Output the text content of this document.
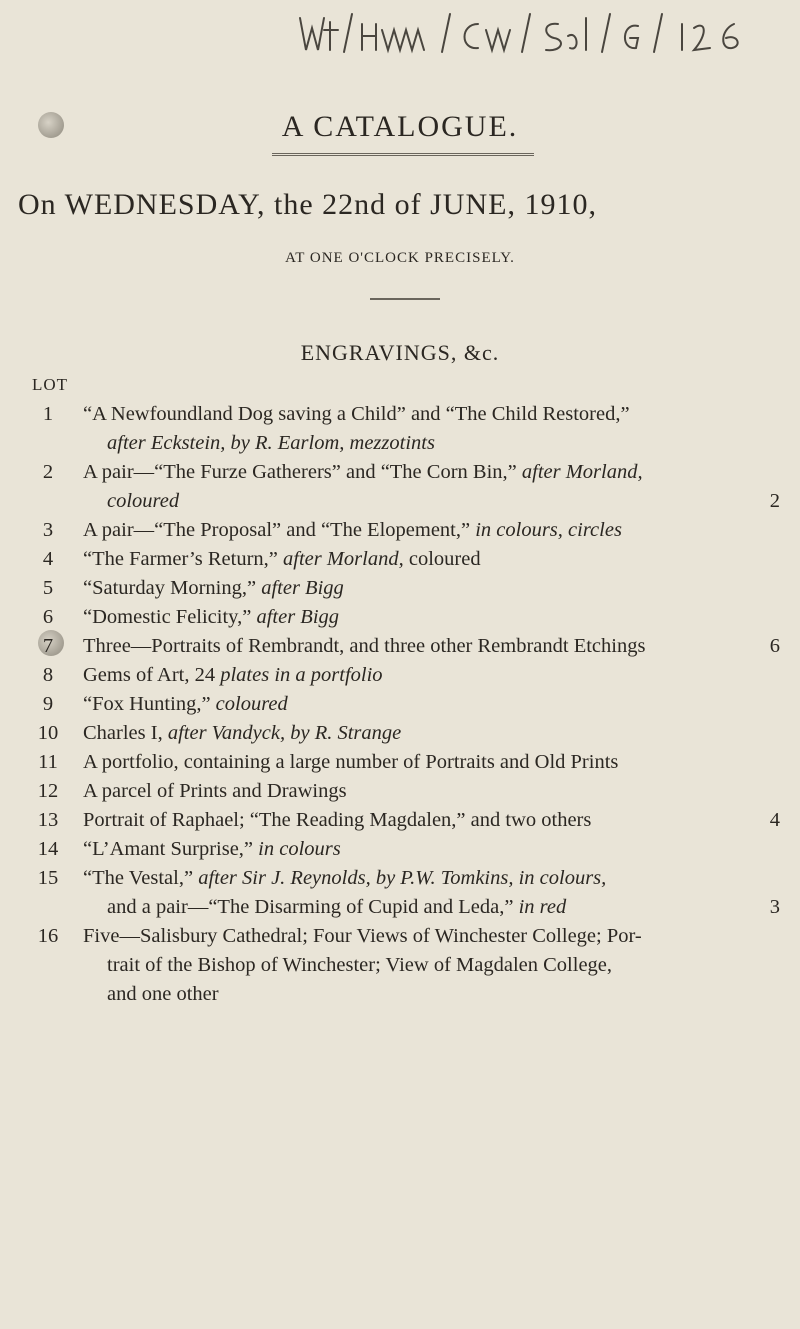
A CATALOGUE.
On WEDNESDAY, the 22nd of JUNE, 1910,
AT ONE O'CLOCK PRECISELY.
ENGRAVINGS, &c.
LOT
1	“A Newfoundland Dog saving a Child” and “The Child Restored,”
after Eckstein, by R. Earlom, mezzotints
2	A pair—“The Furze Gatherers” and “The Corn Bin,” after Morland,
coloured	2
3	A pair—“The Proposal” and “The Elopement,” in colours, circles
4	“The Farmer’s Return,” after Morland, coloured
5	“Saturday Morning,” after Bigg
6	“Domestic Felicity,” after Bigg
7	Three—Portraits of Rembrandt, and three other Rembrandt Etchings	6
8	Gems of Art, 24 plates in a portfolio
9	“Fox Hunting,” coloured
10	Charles I, after Vandyck, by R. Strange
11	A portfolio, containing a large number of Portraits and Old Prints
12	A parcel of Prints and Drawings
13	Portrait of Raphael; “The Reading Magdalen,” and two others	4
14	“L’Amant Surprise,” in colours
15	“The Vestal,” after Sir J. Reynolds, by P.W. Tomkins, in colours,
and a pair—“The Disarming of Cupid and Leda,” in red	3
16	Five—Salisbury Cathedral; Four Views of Winchester College; Por-
trait of the Bishop of Winchester; View of Magdalen College,
and one other
